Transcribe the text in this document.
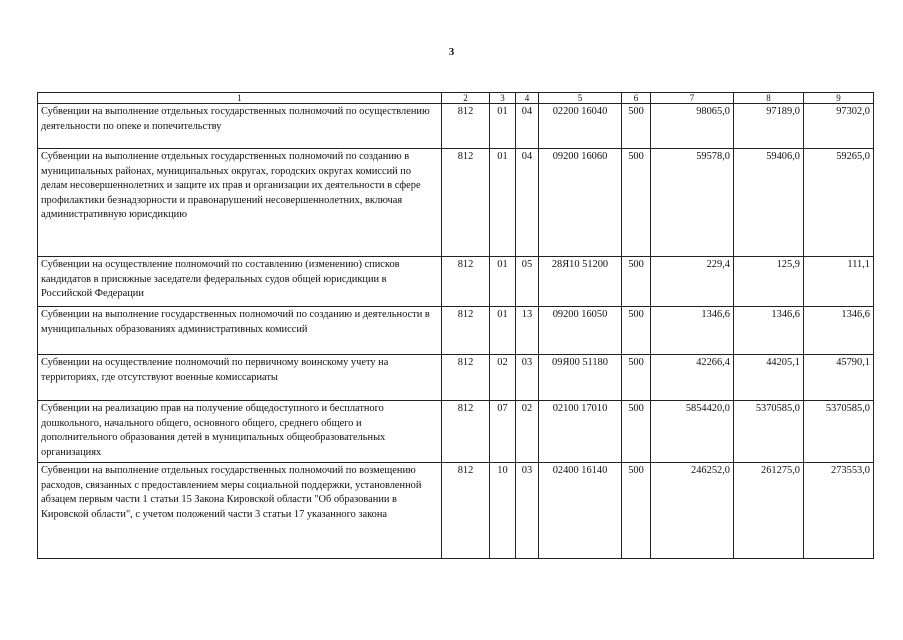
3
1	2	3	4	5	6	7	8	9
Субвенции на выполнение отдельных государственных полномочий по осуществлению деятельности по опеке и попечительству	812	01	04	02200 16040	500	98065,0	97189,0	97302,0
Субвенции на выполнение отдельных государственных полномочий по созданию в муниципальных районах, муниципальных округах, городских округах комиссий по делам несовершеннолетних и защите их прав и организации их деятельности в сфере профилактики безнадзорности и правонарушений несовершеннолетних, включая административную юрисдикцию	812	01	04	09200 16060	500	59578,0	59406,0	59265,0
Субвенции на осуществление полномочий по составлению (изменению) списков кандидатов в присяжные заседатели федеральных судов общей юрисдикции в Российской Федерации	812	01	05	28Я10 51200	500	229,4	125,9	111,1
Субвенции на выполнение государственных полномочий по созданию и деятельности в муниципальных образованиях административных комиссий	812	01	13	09200 16050	500	1346,6	1346,6	1346,6
Субвенции на осуществление полномочий по первичному воинскому учету на территориях, где отсутствуют военные комиссариаты	812	02	03	09Я00 51180	500	42266,4	44205,1	45790,1
Субвенции на реализацию прав на получение общедоступного и бесплатного дошкольного, начального общего, основного общего, среднего общего и дополнительного образования детей в муниципальных общеобразовательных организациях	812	07	02	02100 17010	500	5854420,0	5370585,0	5370585,0
Субвенции на выполнение отдельных государственных полномочий по возмещению расходов, связанных с предоставлением меры социальной поддержки, установленной абзацем первым части 1 статьи 15 Закона Кировской области "Об образовании в Кировской области", с учетом положений части 3 статьи 17 указанного закона	812	10	03	02400 16140	500	246252,0	261275,0	273553,0
